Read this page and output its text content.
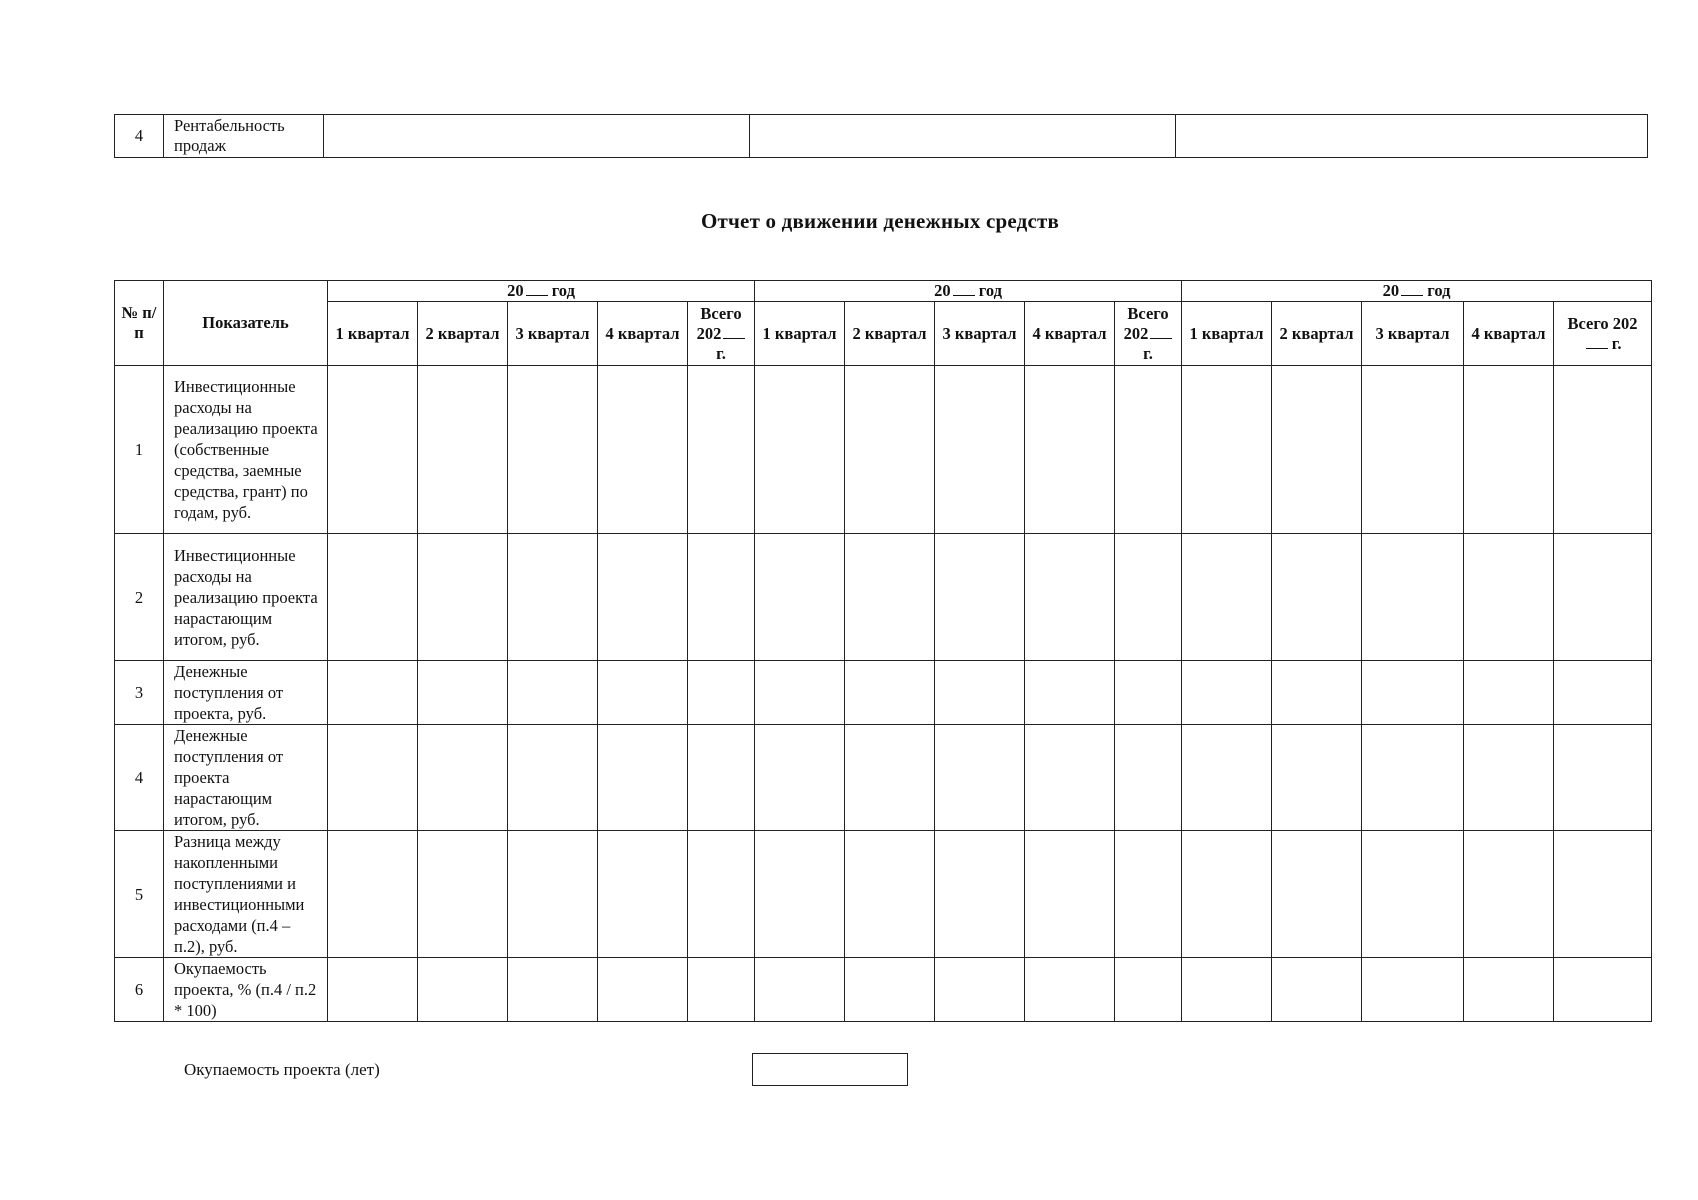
4	Рентабельность продаж			
Отчет о движении денежных средств
№ п/п	Показатель	20 год					20 год					20 год				
		1 квартал	2 квартал	3 квартал	4 квартал	Всего 202 г.	1 квартал	2 квартал	3 квартал	4 квартал	Всего 202 г.	1 квартал	2 квартал	3 квартал	4 квартал	Всего 202 г.
1	Инвестиционные расходы на реализацию проекта (собственные средства, заемные средства, грант) по годам, руб.															
2	Инвестиционные расходы на реализацию проекта нарастающим итогом, руб.															
3	Денежные поступления от проекта, руб.															
4	Денежные поступления от проекта нарастающим итогом, руб.															
5	Разница между накопленными поступлениями и инвестиционными расходами (п.4 – п.2), руб.															
6	Окупаемость проекта, % (п.4 / п.2 * 100)															

Окупаемость проекта (лет)
